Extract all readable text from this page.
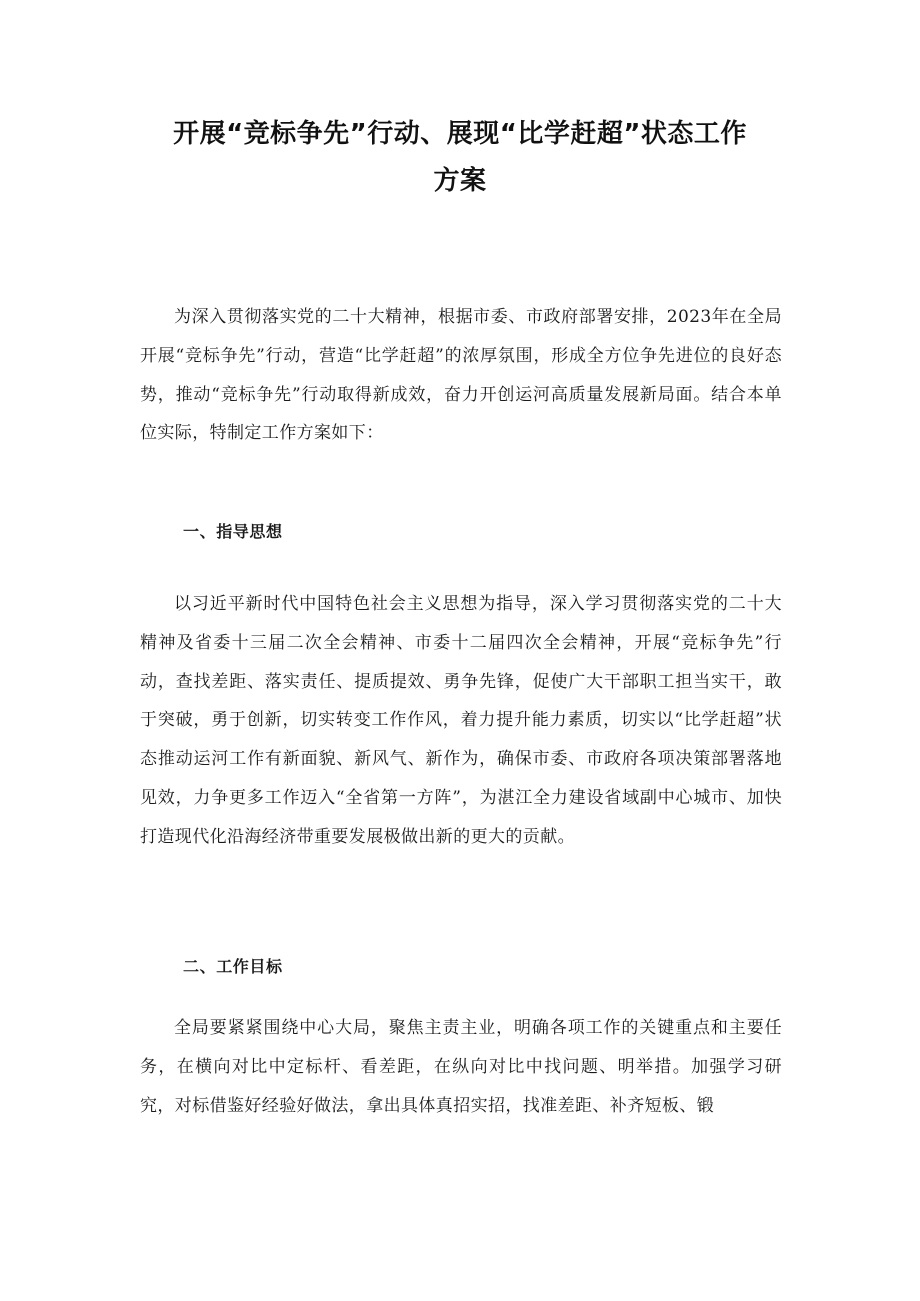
开展“竞标争先”行动、展现“比学赶超”状态工作
方案

为深入贯彻落实党的二十大精神，根据市委、市政府部署安排，2023年在全局开展“竞标争先”行动，营造“比学赶超”的浓厚氛围，形成全方位争先进位的良好态势，推动“竞标争先”行动取得新成效，奋力开创运河高质量发展新局面。结合本单位实际，特制定工作方案如下：

一、指导思想

以习近平新时代中国特色社会主义思想为指导，深入学习贯彻落实党的二十大精神及省委十三届二次全会精神、市委十二届四次全会精神，开展“竞标争先”行动，查找差距、落实责任、提质提效、勇争先锋，促使广大干部职工担当实干，敢于突破，勇于创新，切实转变工作作风，着力提升能力素质，切实以“比学赶超”状态推动运河工作有新面貌、新风气、新作为，确保市委、市政府各项决策部署落地见效，力争更多工作迈入“全省第一方阵”，为湛江全力建设省域副中心城市、加快打造现代化沿海经济带重要发展极做出新的更大的贡献。

二、工作目标

全局要紧紧围绕中心大局，聚焦主责主业，明确各项工作的关键重点和主要任务，在横向对比中定标杆、看差距，在纵向对比中找问题、明举措。加强学习研究，对标借鉴好经验好做法，拿出具体真招实招，找准差距、补齐短板、锻
